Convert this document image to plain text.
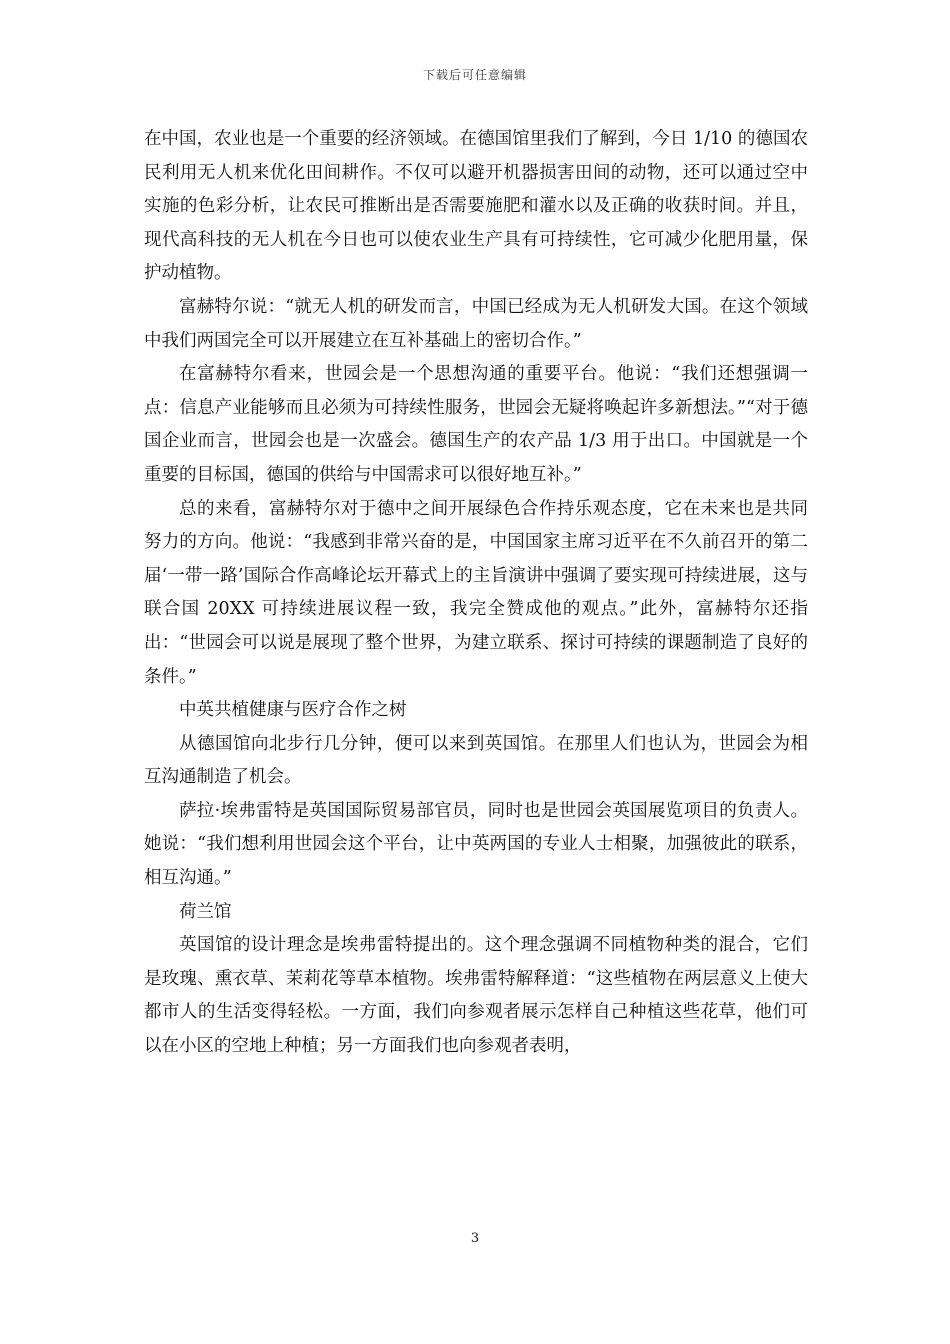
下载后可任意编辑

在中国，农业也是一个重要的经济领域。在德国馆里我们了解到，今日 1/10 的德国农民利用无人机来优化田间耕作。不仅可以避开机器损害田间的动物，还可以通过空中实施的色彩分析，让农民可推断出是否需要施肥和灌水以及正确的收获时间。并且，现代高科技的无人机在今日也可以使农业生产具有可持续性，它可减少化肥用量，保护动植物。

富赫特尔说：“就无人机的研发而言，中国已经成为无人机研发大国。在这个领域中我们两国完全可以开展建立在互补基础上的密切合作。”

在富赫特尔看来，世园会是一个思想沟通的重要平台。他说：“我们还想强调一点：信息产业能够而且必须为可持续性服务，世园会无疑将唤起许多新想法。”“对于德国企业而言，世园会也是一次盛会。德国生产的农产品 1/3 用于出口。中国就是一个重要的目标国，德国的供给与中国需求可以很好地互补。”

总的来看，富赫特尔对于德中之间开展绿色合作持乐观态度，它在未来也是共同努力的方向。他说：“我感到非常兴奋的是，中国国家主席习近平在不久前召开的第二届‘一带一路’国际合作高峰论坛开幕式上的主旨演讲中强调了要实现可持续进展，这与联合国 20XX 可持续进展议程一致，我完全赞成他的观点。”此外，富赫特尔还指出：“世园会可以说是展现了整个世界，为建立联系、探讨可持续的课题制造了良好的条件。”

中英共植健康与医疗合作之树

从德国馆向北步行几分钟，便可以来到英国馆。在那里人们也认为，世园会为相互沟通制造了机会。

萨拉·埃弗雷特是英国国际贸易部官员，同时也是世园会英国展览项目的负责人。她说：“我们想利用世园会这个平台，让中英两国的专业人士相聚，加强彼此的联系，相互沟通。”

荷兰馆

英国馆的设计理念是埃弗雷特提出的。这个理念强调不同植物种类的混合，它们是玫瑰、熏衣草、茉莉花等草本植物。埃弗雷特解释道：“这些植物在两层意义上使大都市人的生活变得轻松。一方面，我们向参观者展示怎样自己种植这些花草，他们可以在小区的空地上种植；另一方面我们也向参观者表明，

3
